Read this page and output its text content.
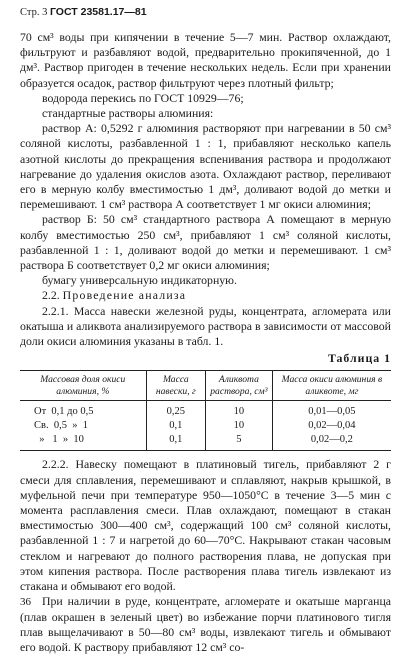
Стр. 3 ГОСТ 23581.17—81

70 см³ воды при кипячении в течение 5—7 мин. Раствор охлаждают, фильтруют и разбавляют водой, предварительно прокипяченной, до 1 дм³. Раствор пригоден в течение нескольких недель. Если при хранении образуется осадок, раствор фильтруют через плотный фильтр;

водорода перекись по ГОСТ 10929—76;

стандартные растворы алюминия:

раствор А: 0,5292 г алюминия растворяют при нагревании в 50 см³ соляной кислоты, разбавленной 1 : 1, прибавляют несколько капель азотной кислоты до прекращения вспенивания раствора и продолжают нагревание до удаления окислов азота. Охлаждают раствор, переливают его в мерную колбу вместимостью 1 дм³, доливают водой до метки и перемешивают. 1 см³ раствора А соответствует 1 мг окиси алюминия;

раствор Б: 50 см³ стандартного раствора А помещают в мерную колбу вместимостью 250 см³, прибавляют 1 см³ соляной кислоты, разбавленной 1 : 1, доливают водой до метки и перемешивают. 1 см³ раствора Б соответствует 0,2 мг окиси алюминия;

бумагу универсальную индикаторную.

2.2. Проведение анализа

2.2.1. Масса навески железной руды, концентрата, агломерата или окатыша и аликвота анализируемого раствора в зависимости от массовой доли окиси алюминия указаны в табл. 1.

Таблица 1
Массовая доля окиси алюминия, %	Масса навески, г	Аликвота раствора, см³	Масса окиси алюминия в аликвоте, мг
От  0,1 до 0,5	0,25	10	0,01—0,05
Св.  0,5  »  1	0,1	10	0,02—0,04
»   1  »  10	0,1	5	0,02—0,2

2.2.2. Навеску помещают в платиновый тигель, прибавляют 2 г смеси для сплавления, перемешивают и сплавляют, накрыв крышкой, в муфельной печи при температуре 950—1050°С в течение 3—5 мин с момента расплавления смеси. Плав охлаждают, помещают в стакан вместимостью 300—400 см³, содержащий 100 см³ соляной кислоты, разбавленной 1 : 7 и нагретой до 60—70°С. Накрывают стакан часовым стеклом и нагревают до полного растворения плава, не допуская при этом кипения раствора. После растворения плава тигель извлекают из стакана и обмывают его водой.

При наличии в руде, концентрате, агломерате и окатыше марганца (плав окрашен в зеленый цвет) во избежание порчи платинового тигля плав выщелачивают в 50—80 см³ воды, извлекают тигель и обмывают его водой. К раствору прибавляют 12 см³ со-

36
